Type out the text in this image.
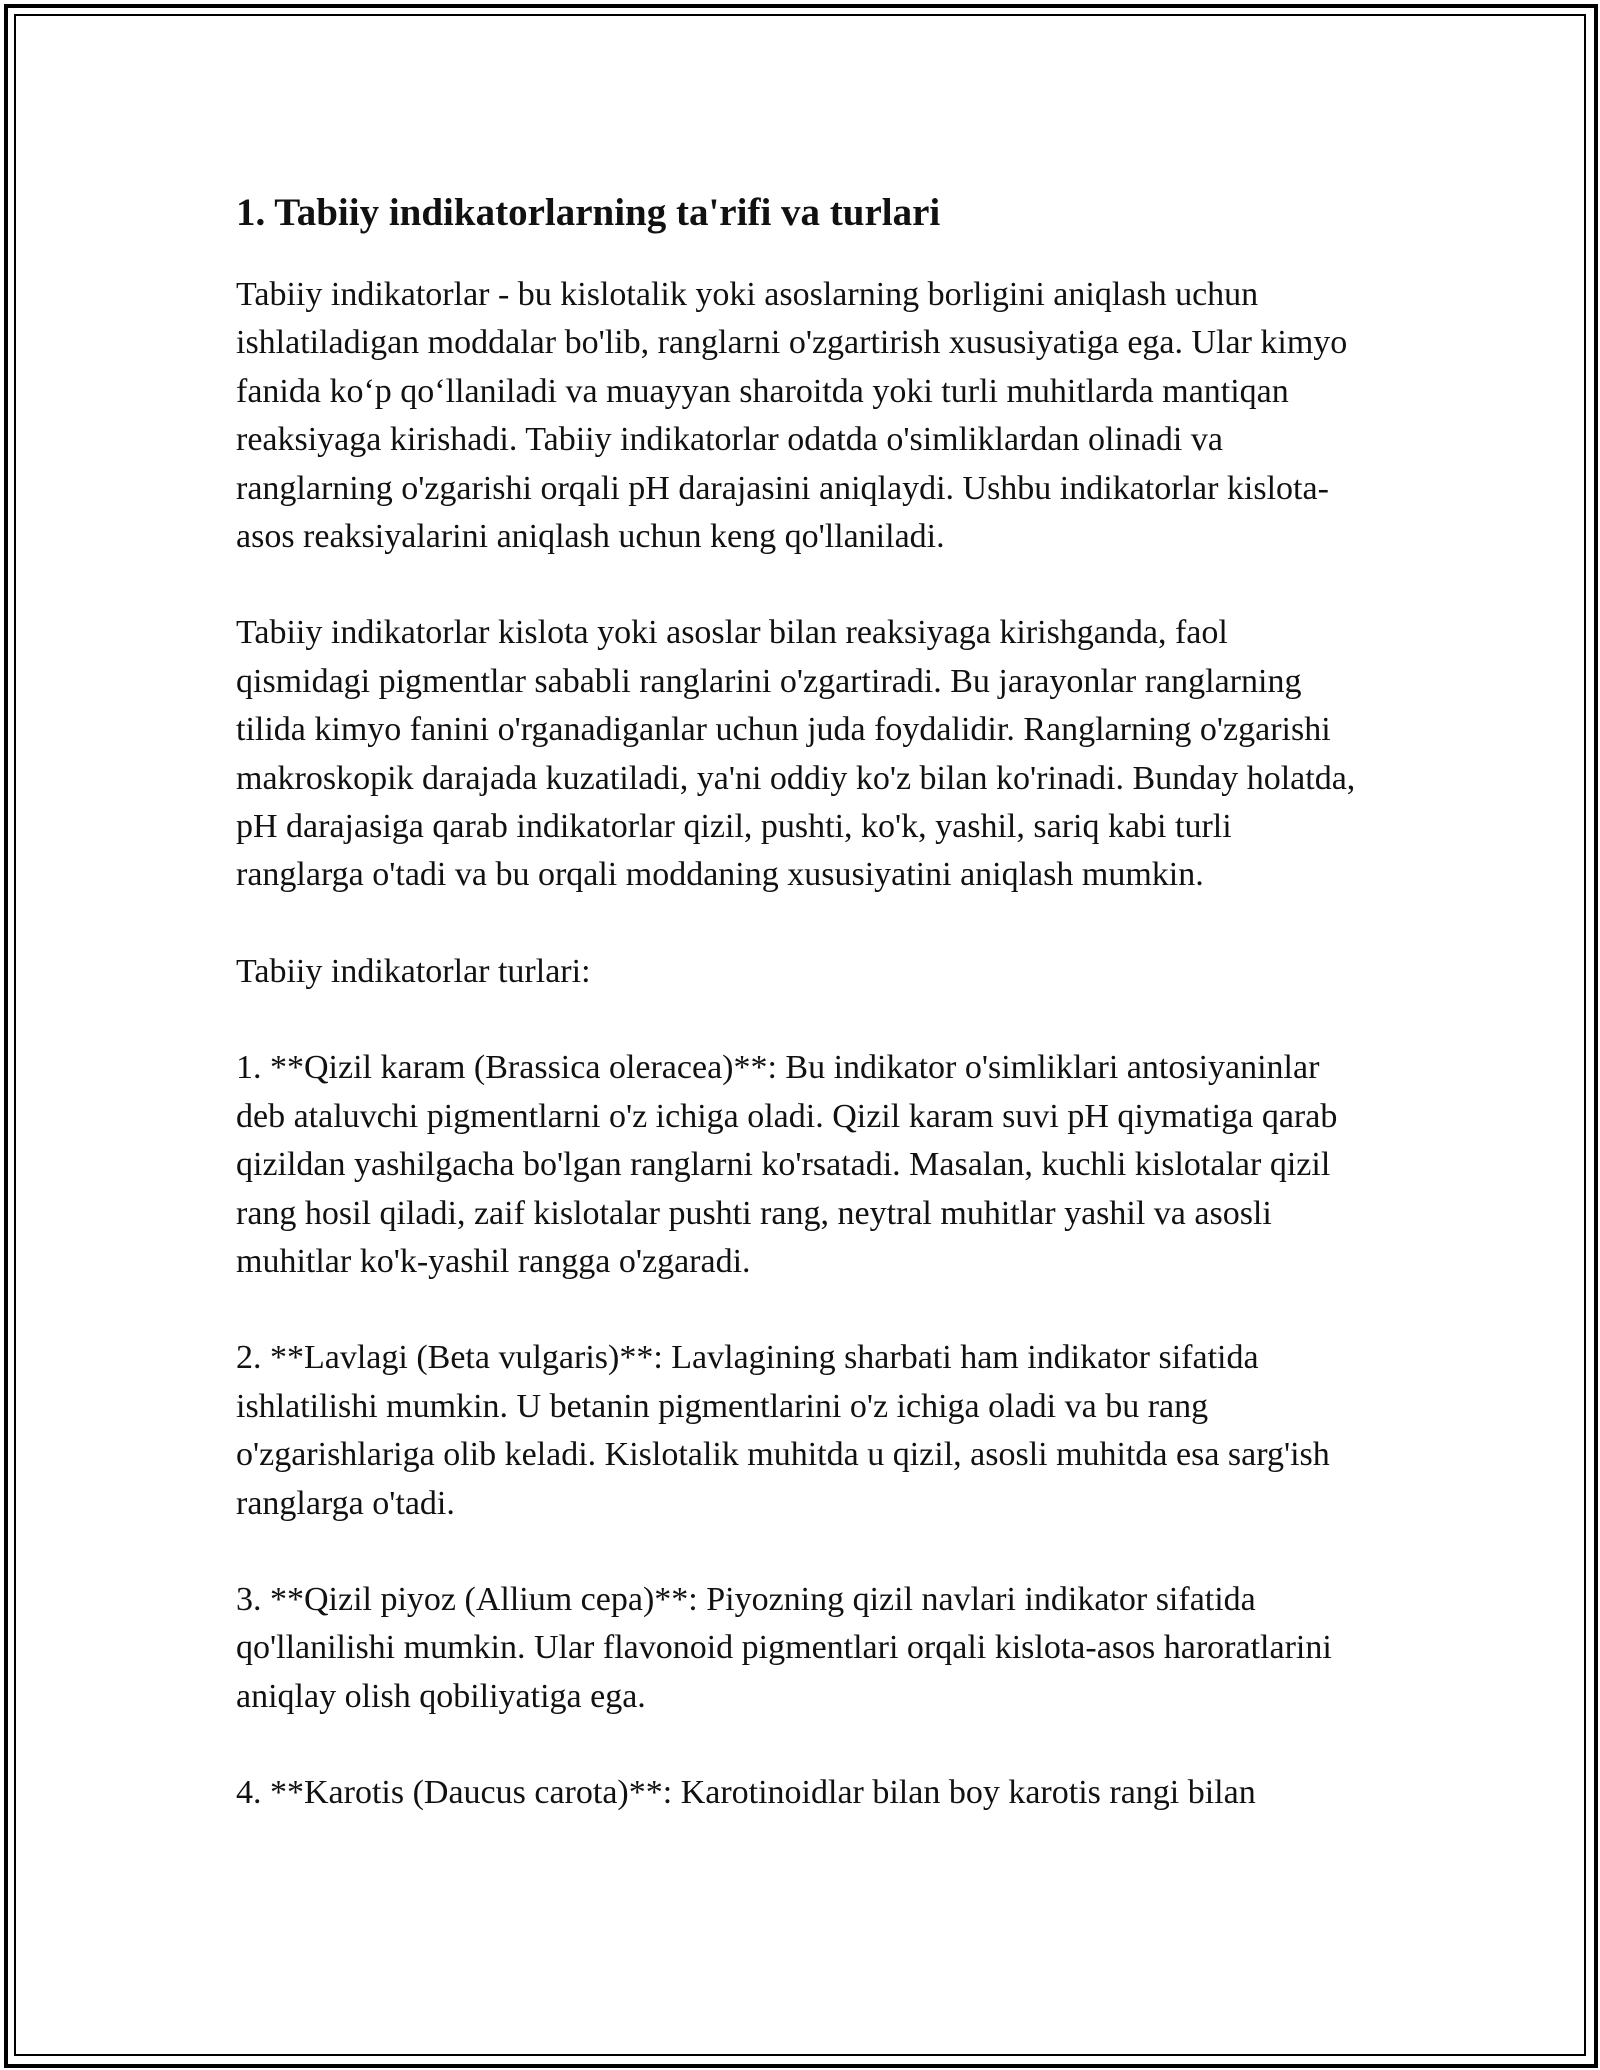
1. Tabiiy indikatorlarning ta'rifi va turlari

Tabiiy indikatorlar - bu kislotalik yoki asoslarning borligini aniqlash uchun ishlatiladigan moddalar bo'lib, ranglarni o'zgartirish xususiyatiga ega. Ular kimyo fanida koʻp qoʻllaniladi va muayyan sharoitda yoki turli muhitlarda mantiqan reaksiyaga kirishadi. Tabiiy indikatorlar odatda o'simliklardan olinadi va ranglarning o'zgarishi orqali pH darajasini aniqlaydi. Ushbu indikatorlar kislota-asos reaksiyalarini aniqlash uchun keng qo'llaniladi.

Tabiiy indikatorlar kislota yoki asoslar bilan reaksiyaga kirishganda, faol qismidagi pigmentlar sababli ranglarini o'zgartiradi. Bu jarayonlar ranglarning tilida kimyo fanini o'rganadiganlar uchun juda foydalidir. Ranglarning o'zgarishi makroskopik darajada kuzatiladi, ya'ni oddiy ko'z bilan ko'rinadi. Bunday holatda, pH darajasiga qarab indikatorlar qizil, pushti, ko'k, yashil, sariq kabi turli ranglarga o'tadi va bu orqali moddaning xususiyatini aniqlash mumkin.

Tabiiy indikatorlar turlari:

1. **Qizil karam (Brassica oleracea)**: Bu indikator o'simliklari antosiyaninlar deb ataluvchi pigmentlarni o'z ichiga oladi. Qizil karam suvi pH qiymatiga qarab qizildan yashilgacha bo'lgan ranglarni ko'rsatadi. Masalan, kuchli kislotalar qizil rang hosil qiladi, zaif kislotalar pushti rang, neytral muhitlar yashil va asosli muhitlar ko'k-yashil rangga o'zgaradi.

2. **Lavlagi (Beta vulgaris)**: Lavlagining sharbati ham indikator sifatida ishlatilishi mumkin. U betanin pigmentlarini o'z ichiga oladi va bu rang o'zgarishlariga olib keladi. Kislotalik muhitda u qizil, asosli muhitda esa sarg'ish ranglarga o'tadi.

3. **Qizil piyoz (Allium cepa)**: Piyozning qizil navlari indikator sifatida qo'llanilishi mumkin. Ular flavonoid pigmentlari orqali kislota-asos haroratlarini aniqlay olish qobiliyatiga ega.

4. **Karotis (Daucus carota)**: Karotinoidlar bilan boy karotis rangi bilan
